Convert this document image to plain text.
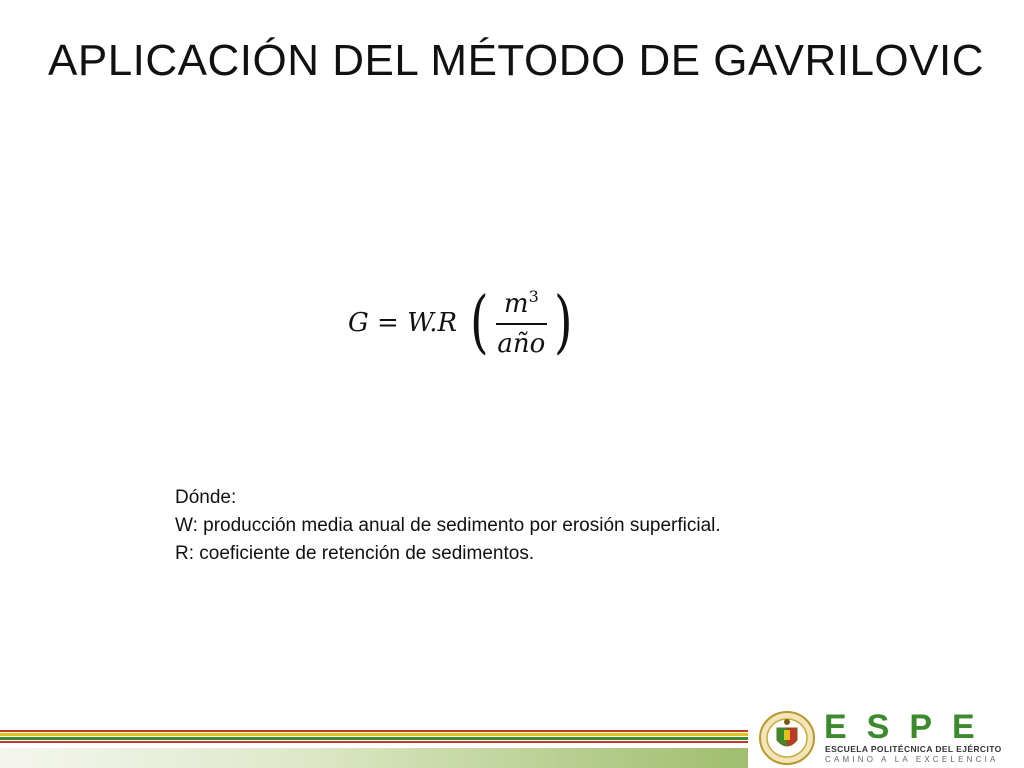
APLICACIÓN DEL MÉTODO DE GAVRILOVIC
G = W.R ( $\frac{m^3}{\text{año}}$ )
Dónde:
W: producción media anual de sedimento por erosión superficial.
R: coeficiente de retención de sedimentos.
ESPE
ESCUELA POLITÉCNICA DEL EJÉRCITO
CAMINO A LA EXCELENCIA
